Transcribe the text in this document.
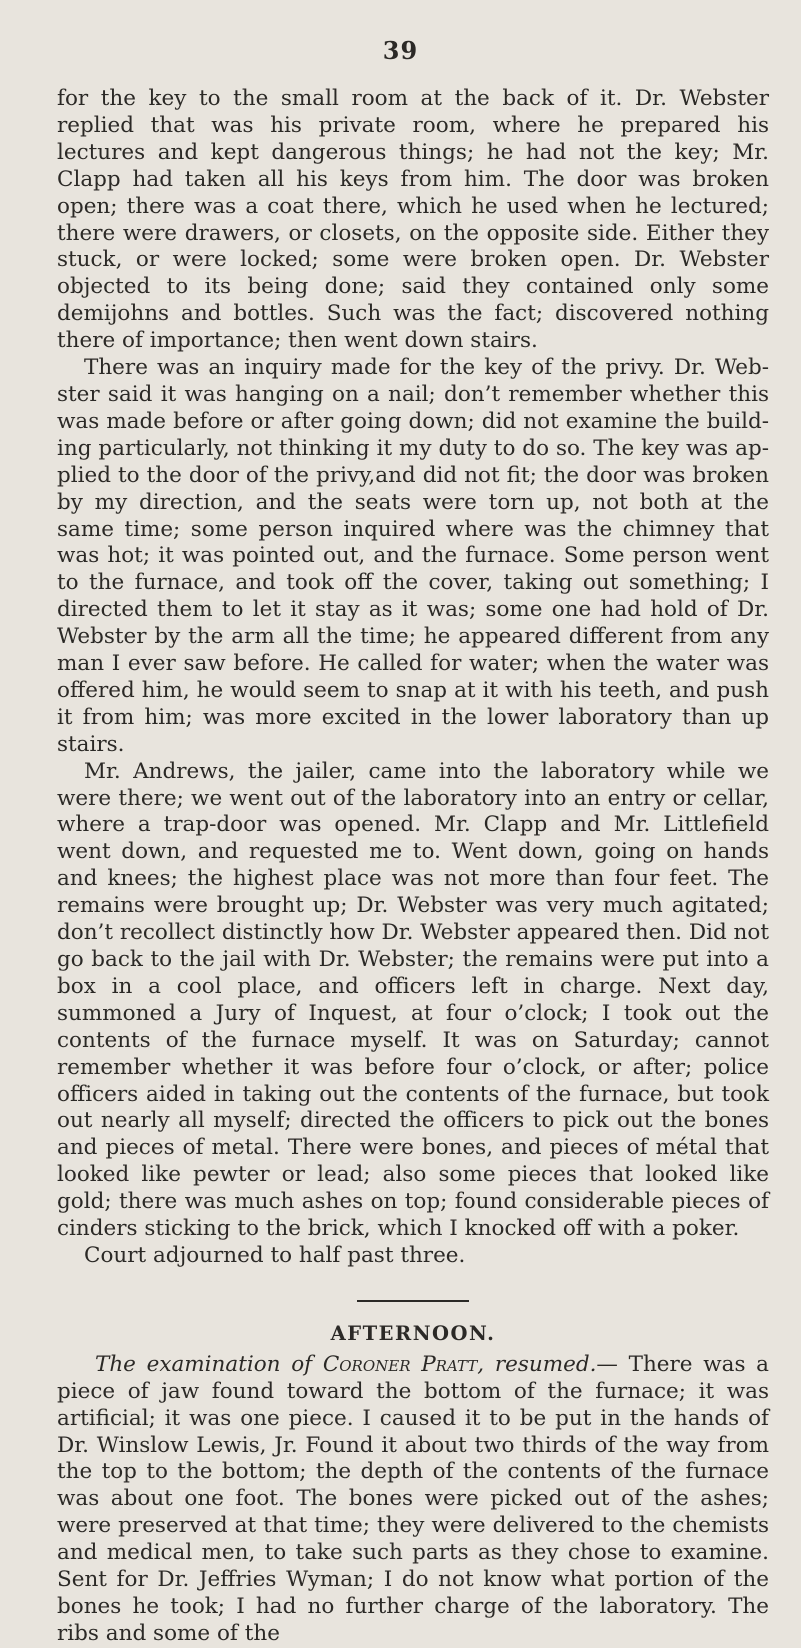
39

for the key to the small room at the back of it. Dr. Webster replied that was his private room, where he prepared his lectures and kept dangerous things; he had not the key; Mr. Clapp had taken all his keys from him. The door was broken open; there was a coat there, which he used when he lectured; there were drawers, or closets, on the opposite side. Either they stuck, or were locked; some were broken open. Dr. Webster objected to its being done; said they contained only some demijohns and bottles. Such was the fact; discovered nothing there of importance; then went down stairs.

There was an inquiry made for the key of the privy. Dr. Webster said it was hanging on a nail; don’t remember whether this was made before or after going down; did not examine the building particularly, not thinking it my duty to do so. The key was applied to the door of the privy,and did not fit; the door was broken by my direction, and the seats were torn up, not both at the same time; some person inquired where was the chimney that was hot; it was pointed out, and the furnace. Some person went to the furnace, and took off the cover, taking out something; I directed them to let it stay as it was; some one had hold of Dr. Webster by the arm all the time; he appeared different from any man I ever saw before. He called for water; when the water was offered him, he would seem to snap at it with his teeth, and push it from him; was more excited in the lower laboratory than up stairs.

Mr. Andrews, the jailer, came into the laboratory while we were there; we went out of the laboratory into an entry or cellar, where a trap-door was opened. Mr. Clapp and Mr. Littlefield went down, and requested me to. Went down, going on hands and knees; the highest place was not more than four feet. The remains were brought up; Dr. Webster was very much agitated; don’t recollect distinctly how Dr. Webster appeared then. Did not go back to the jail with Dr. Webster; the remains were put into a box in a cool place, and officers left in charge. Next day, summoned a Jury of Inquest, at four o’clock; I took out the contents of the furnace myself. It was on Saturday; cannot remember whether it was before four o’clock, or after; police officers aided in taking out the contents of the furnace, but took out nearly all myself; directed the officers to pick out the bones and pieces of metal. There were bones, and pieces of métal that looked like pewter or lead; also some pieces that looked like gold; there was much ashes on top; found considerable pieces of cinders sticking to the brick, which I knocked off with a poker.

Court adjourned to half past three.

AFTERNOON.

The examination of Coroner Pratt, resumed.— There was a piece of jaw found toward the bottom of the furnace; it was artificial; it was one piece. I caused it to be put in the hands of Dr. Winslow Lewis, Jr. Found it about two thirds of the way from the top to the bottom; the depth of the contents of the furnace was about one foot. The bones were picked out of the ashes; were preserved at that time; they were delivered to the chemists and medical men, to take such parts as they chose to examine. Sent for Dr. Jeffries Wyman; I do not know what portion of the bones he took; I had no further charge of the laboratory. The ribs and some of the
